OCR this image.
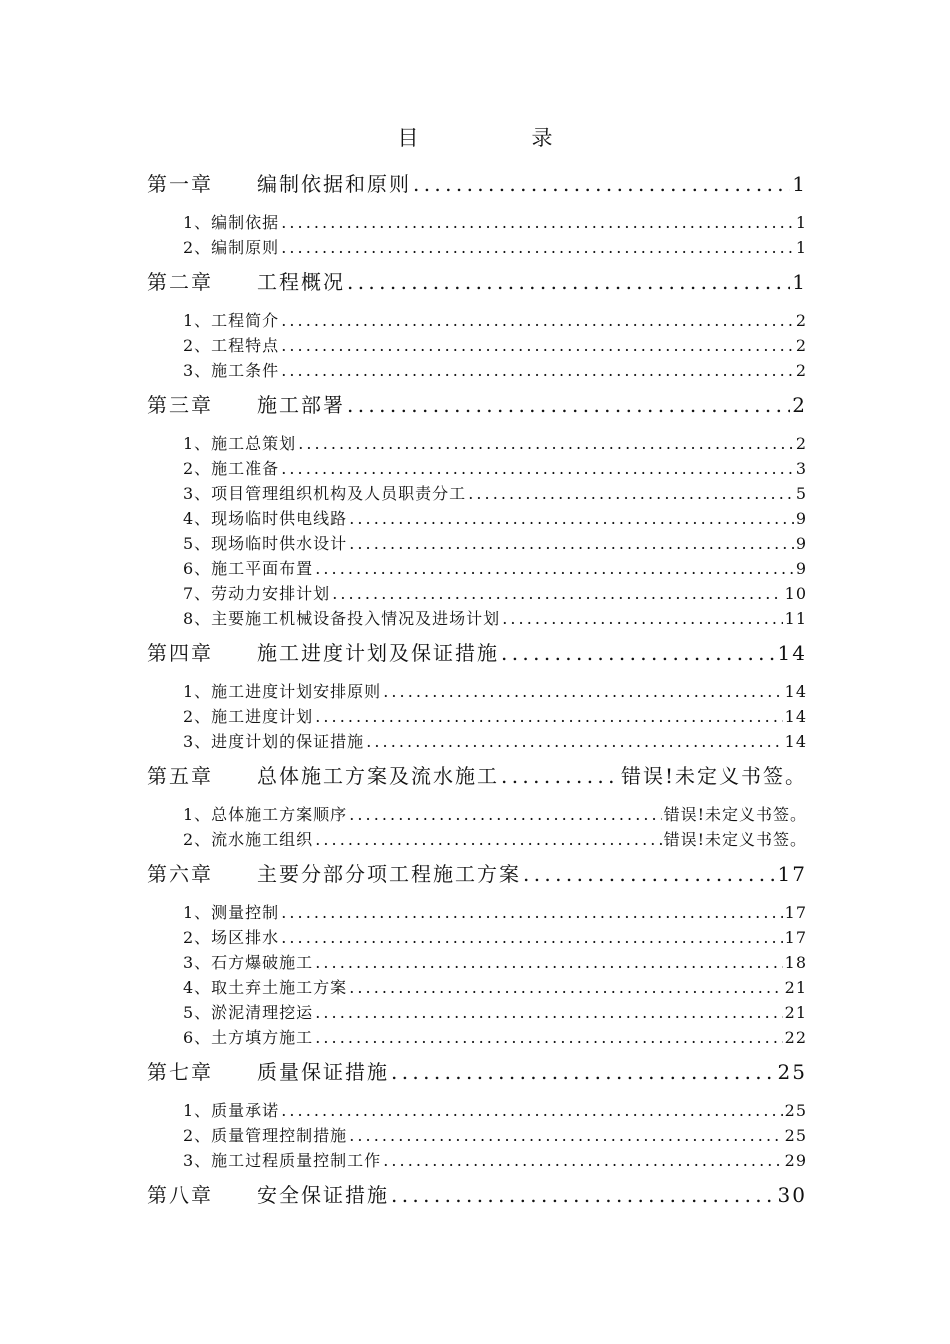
目　录
第一章	编制依据和原则 . . .	1
1、编制依据 . . .	1
2、编制原则 . . .	1
第二章	工程概况 . . .	1
1、工程简介 . . .	2
2、工程特点 . . .	2
3、施工条件 . . .	2
第三章	施工部署 . . .	2
1、施工总策划 . . .	2
2、施工准备 . . .	3
3、项目管理组织机构及人员职责分工 . . .	5
4、现场临时供电线路 . . .	9
5、现场临时供水设计 . . .	9
6、施工平面布置 . . .	9
7、劳动力安排计划 . . .	10
8、主要施工机械设备投入情况及进场计划 . . .	11
第四章	施工进度计划及保证措施 . . .	14
1、施工进度计划安排原则 . . .	14
2、施工进度计划 . . .	14
3、进度计划的保证措施 . . .	14
第五章	总体施工方案及流水施工 . . .	错误!未定义书签。
1、总体施工方案顺序 . . .	错误!未定义书签。
2、流水施工组织 . . .	错误!未定义书签。
第六章	主要分部分项工程施工方案 . . .	17
1、测量控制 . . .	17
2、场区排水 . . .	17
3、石方爆破施工 . . .	18
4、取土弃土施工方案 . . .	21
5、淤泥清理挖运 . . .	21
6、土方填方施工 . . .	22
第七章	质量保证措施 . . .	25
1、质量承诺 . . .	25
2、质量管理控制措施 . . .	25
3、施工过程质量控制工作 . . .	29
第八章	安全保证措施 . . .	30
